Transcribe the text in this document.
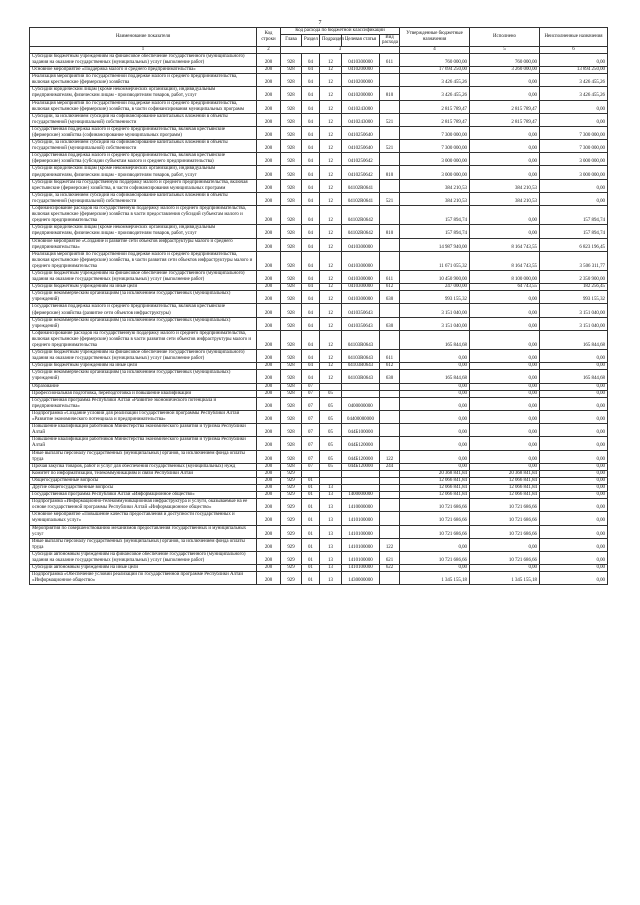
7
Наименование показателя	Код строки	Код расхода по бюджетной классификации					Утвержденные бюджетные назначения	Исполнено	Неисполненные назначения
		Глава	Раздел	Подраздел	Целевая статья	Вид расхода			
1	2	3					4	5	6
Субсидии бюджетным учреждениям на финансовое обеспечение государственного (муниципального) задания на оказание государственных (муниципальных) услуг (выполнение работ)	200	928	04	12	0410300000	611	760 000,00	760 000,00	0,00
Основное мероприятие «Поддержка малого и среднего предпринимательства»	200	928	04	12	0410200000		17 694 250,00	3 260 000,00	13 894 250,00
Реализация мероприятий по государственной поддержке малого и среднего предпринимательства, включая крестьянские (фермерские) хозяйства	200	928	04	12	0410200000		3 426 455,26	0,00	3 426 455,26
Субсидии юридическим лицам (кроме некоммерческих организаций), индивидуальным предпринимателям, физическим лицам - производителям товаров, работ, услуг	200	928	04	12	0410200000	810	3 426 455,26	0,00	3 426 455,26
Реализация мероприятий по государственной поддержке малого и среднего предпринимательства, включая крестьянские (фермерские) хозяйства, в части софинансирования муниципальных программ	200	928	04	12	0410243000		2 815 789,47	2 815 789,47	0,00
Субсидии, за исключением субсидий на софинансирование капитальных вложений в объекты государственной (муниципальной) собственности	200	928	04	12	0410243000	521	2 815 789,47	2 815 789,47	0,00
Государственная поддержка малого и среднего предпринимательства, включая крестьянские (фермерские) хозяйства (софинансирование муниципальных программ)	200	928	04	12	0410250640		7 300 000,00	0,00	7 300 000,00
Субсидии, за исключением субсидий на софинансирование капитальных вложений в объекты государственной (муниципальной) собственности	200	928	04	12	0410250640	521	7 300 000,00	0,00	7 300 000,00
Государственная поддержка малого и среднего предпринимательства, включая крестьянские (фермерские) хозяйства (субсидии субъектам малого и среднего предпринимательства)	200	928	04	12	0410250642		3 000 000,00	0,00	3 000 000,00
Субсидии юридическим лицам (кроме некоммерческих организаций), индивидуальным предпринимателям, физическим лицам - производителям товаров, работ, услуг	200	928	04	12	0410250642	810	3 000 000,00	0,00	3 000 000,00
Субсидии бюджетам на государственную поддержку малого и среднего предпринимательства, включая крестьянские (фермерские) хозяйства, в части софинансирования муниципальных программ	200	928	04	12	04102R0641		384 210,53	384 210,53	0,00
Субсидии, за исключением субсидий на софинансирование капитальных вложений в объекты государственной (муниципальной) собственности	200	928	04	12	04102R0641	521	384 210,53	384 210,53	0,00
Софинансирование расходов на государственную поддержку малого и среднего предпринимательства, включая крестьянские (фермерские) хозяйства в части предоставления субсидий субъектам малого и среднего предпринимательства	200	928	04	12	04102R0642		157 894,74	0,00	157 894,74
Субсидии юридическим лицам (кроме некоммерческих организаций), индивидуальным предпринимателям, физическим лицам - производителям товаров, работ, услуг	200	928	04	12	04102R0642	810	157 894,74	0,00	157 894,74
Основное мероприятие «Создание и развитие сети объектов инфраструктуры малого и среднего предпринимательства»	200	928	04	12	0410300000		14 987 940,00	8 164 743,55	6 823 196,45
Реализация мероприятий по государственной поддержке малого и среднего предпринимательства, включая крестьянские (фермерские) хозяйства, в части развития сети объектов инфраструктуры малого и среднего предпринимательства	200	928	04	12	0410300000		11 671 055,32	8 164 743,55	3 506 311,77
Субсидии бюджетным учреждениям на финансовое обеспечение государственного (муниципального) задания на оказание государственных (муниципальных) услуг (выполнение работ)	200	928	04	12	0410300000	611	10 450 900,00	8 100 000,00	2 350 900,00
Субсидии бюджетным учреждениям на иные цели	200	928	04	12	0410300000	612	247 000,00	64 743,55	182 256,45
Субсидии некоммерческим организациям (за исключением государственных (муниципальных) учреждений)	200	928	04	12	0410300000	630	993 155,32	0,00	993 155,32
Государственная поддержка малого и среднего предпринимательства, включая крестьянские (фермерские) хозяйства (развитие сети объектов инфраструктуры)	200	928	04	12	0410350643		3 151 040,00	0,00	3 151 040,00
Субсидии некоммерческим организациям (за исключением государственных (муниципальных) учреждений)	200	928	04	12	0410350643	630	3 151 040,00	0,00	3 151 040,00
Софинансирование расходов на государственную поддержку малого и среднего предпринимательства, включая крестьянские (фермерские) хозяйства в части развития сети объектов инфраструктуры малого и среднего предпринимательства	200	928	04	12	04103R0643		165 844,68	0,00	165 844,68
Субсидии бюджетным учреждениям на финансовое обеспечение государственного (муниципального) задания на оказание государственных (муниципальных) услуг (выполнение работ)	200	928	04	12	04103R0643	611	0,00	0,00	0,00
Субсидии бюджетным учреждениям на иные цели	200	928	04	12	04103R0643	612	0,00	0,00	0,00
Субсидии некоммерческим организациям (за исключением государственных (муниципальных) учреждений)	200	928	04	12	04103R0643	630	165 844,68	0,00	165 844,68
Образование	200	928	07				0,00	0,00	0,00
Профессиональная подготовка, переподготовка и повышение квалификации	200	928	07	05			0,00	0,00	0,00
Государственная программа Республики Алтай «Развитие экономического потенциала и предпринимательства»	200	928	07	05	0400000000		0,00	0,00	0,00
Подпрограмма «Создание условий для реализации Государственной программы Республики Алтай «Развитие экономического потенциала и предпринимательства»	200	928	07	05	04400000000		0,00	0,00	0,00
Повышение квалификации работников Министерства экономического развития и туризма Республики Алтай	200	928	07	05	044Б100000		0,00	0,00	0,00
Повышение квалификации работников Министерства экономического развития и туризма Республики Алтай	200	928	07	05	044Б120000		0,00	0,00	0,00
Иные выплаты персоналу государственных (муниципальных) органов, за исключением фонда оплаты труда	200	928	07	05	044Б120000	122	0,00	0,00	0,00
Прочая закупка товаров, работ и услуг для обеспечения государственных (муниципальных) нужд	200	928	07	05	044Б120000	244	0,00	0,00	0,00
Комитет по информатизации, телекоммуникациям и связи Республики Алтай	200	929					20 368 841,84	20 368 841,84	0,00
Общегосударственные вопросы	200	929	01				12 066 841,84	12 066 841,84	0,00
Другие общегосударственные вопросы	200	929	01	13			12 066 841,84	12 066 841,84	0,00
Государственная программа Республики Алтай «Информационное общество»	200	929	01	13	1400000000		12 066 841,84	12 066 841,84	0,00
Подпрограмма «Информационно-телекоммуникационная инфраструктура и услуги, оказываемые на ее основе государственной программы Республики Алтай «Информационное общество»	200	929	01	13	1410000000		10 721 686,66	10 721 686,66	0,00
Основное мероприятие «Повышение качества предоставления и доступности государственных и муниципальных услуг»	200	929	01	13	1410100000		10 721 686,66	10 721 686,66	0,00
Мероприятия по совершенствованию механизмов предоставления государственных и муниципальных услуг	200	929	01	13	1410100000		10 721 686,66	10 721 686,66	0,00
Иные выплаты персоналу государственных (муниципальных) органов, за исключением фонда оплаты труда	200	929	01	13	1410100000	122	0,00	0,00	0,00
Субсидии автономным учреждениям на финансовое обеспечение государственного (муниципального) задания на оказание государственных (муниципальных) услуг (выполнение работ)	200	929	01	13	1410100000	621	10 721 686,66	10 721 686,66	0,00
Субсидии автономным учреждениям на иные цели	200	929	01	13	1410100000	622	0,00	0,00	0,00
Подпрограмма «Обеспечение условий реализации по государственной программе Республики Алтай «Информационное общество»	200	929	01	13	1430000000		1 345 155,18	1 345 155,18	0,00
